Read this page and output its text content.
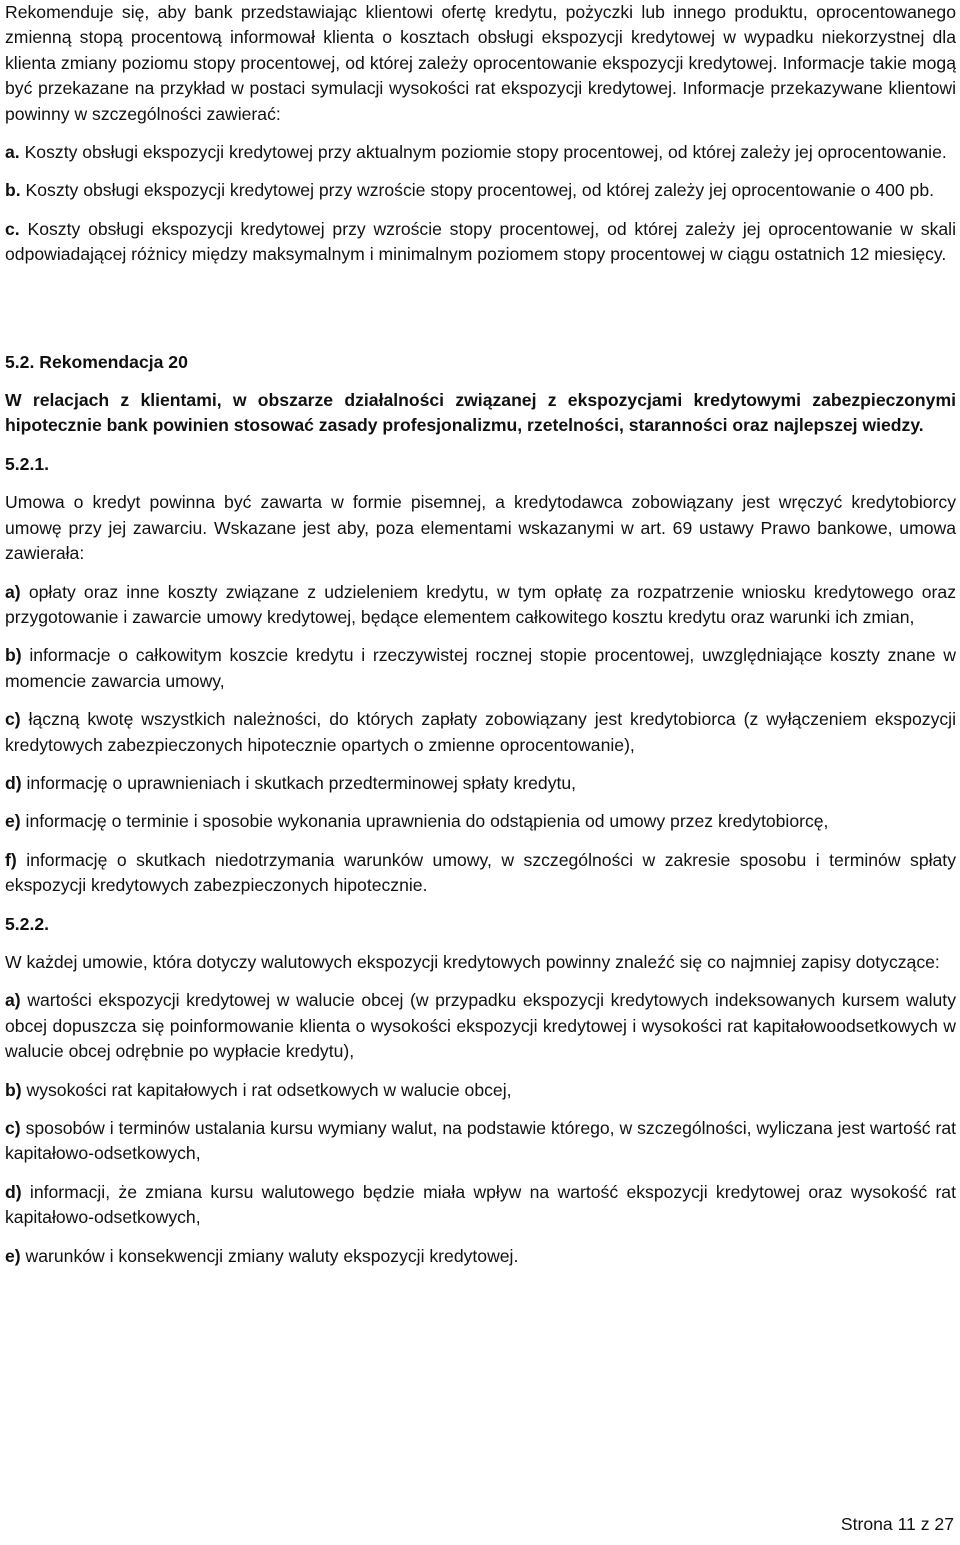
Rekomenduje się, aby bank przedstawiając klientowi ofertę kredytu, pożyczki lub innego produktu, oprocentowanego zmienną stopą procentową informował klienta o kosztach obsługi ekspozycji kredytowej w wypadku niekorzystnej dla klienta zmiany poziomu stopy procentowej, od której zależy oprocentowanie ekspozycji kredytowej. Informacje takie mogą być przekazane na przykład w postaci symulacji wysokości rat ekspozycji kredytowej. Informacje przekazywane klientowi powinny w szczególności zawierać:

a. Koszty obsługi ekspozycji kredytowej przy aktualnym poziomie stopy procentowej, od której zależy jej oprocentowanie.

b. Koszty obsługi ekspozycji kredytowej przy wzroście stopy procentowej, od której zależy jej oprocentowanie o 400 pb.

c. Koszty obsługi ekspozycji kredytowej przy wzroście stopy procentowej, od której zależy jej oprocentowanie w skali odpowiadającej różnicy między maksymalnym i minimalnym poziomem stopy procentowej w ciągu ostatnich 12 miesięcy.

5.2. Rekomendacja 20

W relacjach z klientami, w obszarze działalności związanej z ekspozycjami kredytowymi zabezpieczonymi hipotecznie bank powinien stosować zasady profesjonalizmu, rzetelności, staranności oraz najlepszej wiedzy.

5.2.1.

Umowa o kredyt powinna być zawarta w formie pisemnej, a kredytodawca zobowiązany jest wręczyć kredytobiorcy umowę przy jej zawarciu. Wskazane jest aby, poza elementami wskazanymi w art. 69 ustawy Prawo bankowe, umowa zawierała:

a) opłaty oraz inne koszty związane z udzieleniem kredytu, w tym opłatę za rozpatrzenie wniosku kredytowego oraz przygotowanie i zawarcie umowy kredytowej, będące elementem całkowitego kosztu kredytu oraz warunki ich zmian,

b) informacje o całkowitym koszcie kredytu i rzeczywistej rocznej stopie procentowej, uwzględniające koszty znane w momencie zawarcia umowy,

c) łączną kwotę wszystkich należności, do których zapłaty zobowiązany jest kredytobiorca (z wyłączeniem ekspozycji kredytowych zabezpieczonych hipotecznie opartych o zmienne oprocentowanie),

d) informację o uprawnieniach i skutkach przedterminowej spłaty kredytu,

e) informację o terminie i sposobie wykonania uprawnienia do odstąpienia od umowy przez kredytobiorcę,

f) informację o skutkach niedotrzymania warunków umowy, w szczególności w zakresie sposobu i terminów spłaty ekspozycji kredytowych zabezpieczonych hipotecznie.

5.2.2.

W każdej umowie, która dotyczy walutowych ekspozycji kredytowych powinny znaleźć się co najmniej zapisy dotyczące:

a) wartości ekspozycji kredytowej w walucie obcej (w przypadku ekspozycji kredytowych indeksowanych kursem waluty obcej dopuszcza się poinformowanie klienta o wysokości ekspozycji kredytowej i wysokości rat kapitałowoodsetkowych w walucie obcej odrębnie po wypłacie kredytu),

b) wysokości rat kapitałowych i rat odsetkowych w walucie obcej,

c) sposobów i terminów ustalania kursu wymiany walut, na podstawie którego, w szczególności, wyliczana jest wartość rat kapitałowo-odsetkowych,

d) informacji, że zmiana kursu walutowego będzie miała wpływ na wartość ekspozycji kredytowej oraz wysokość rat kapitałowo-odsetkowych,

e) warunków i konsekwencji zmiany waluty ekspozycji kredytowej.

Strona 11 z 27
